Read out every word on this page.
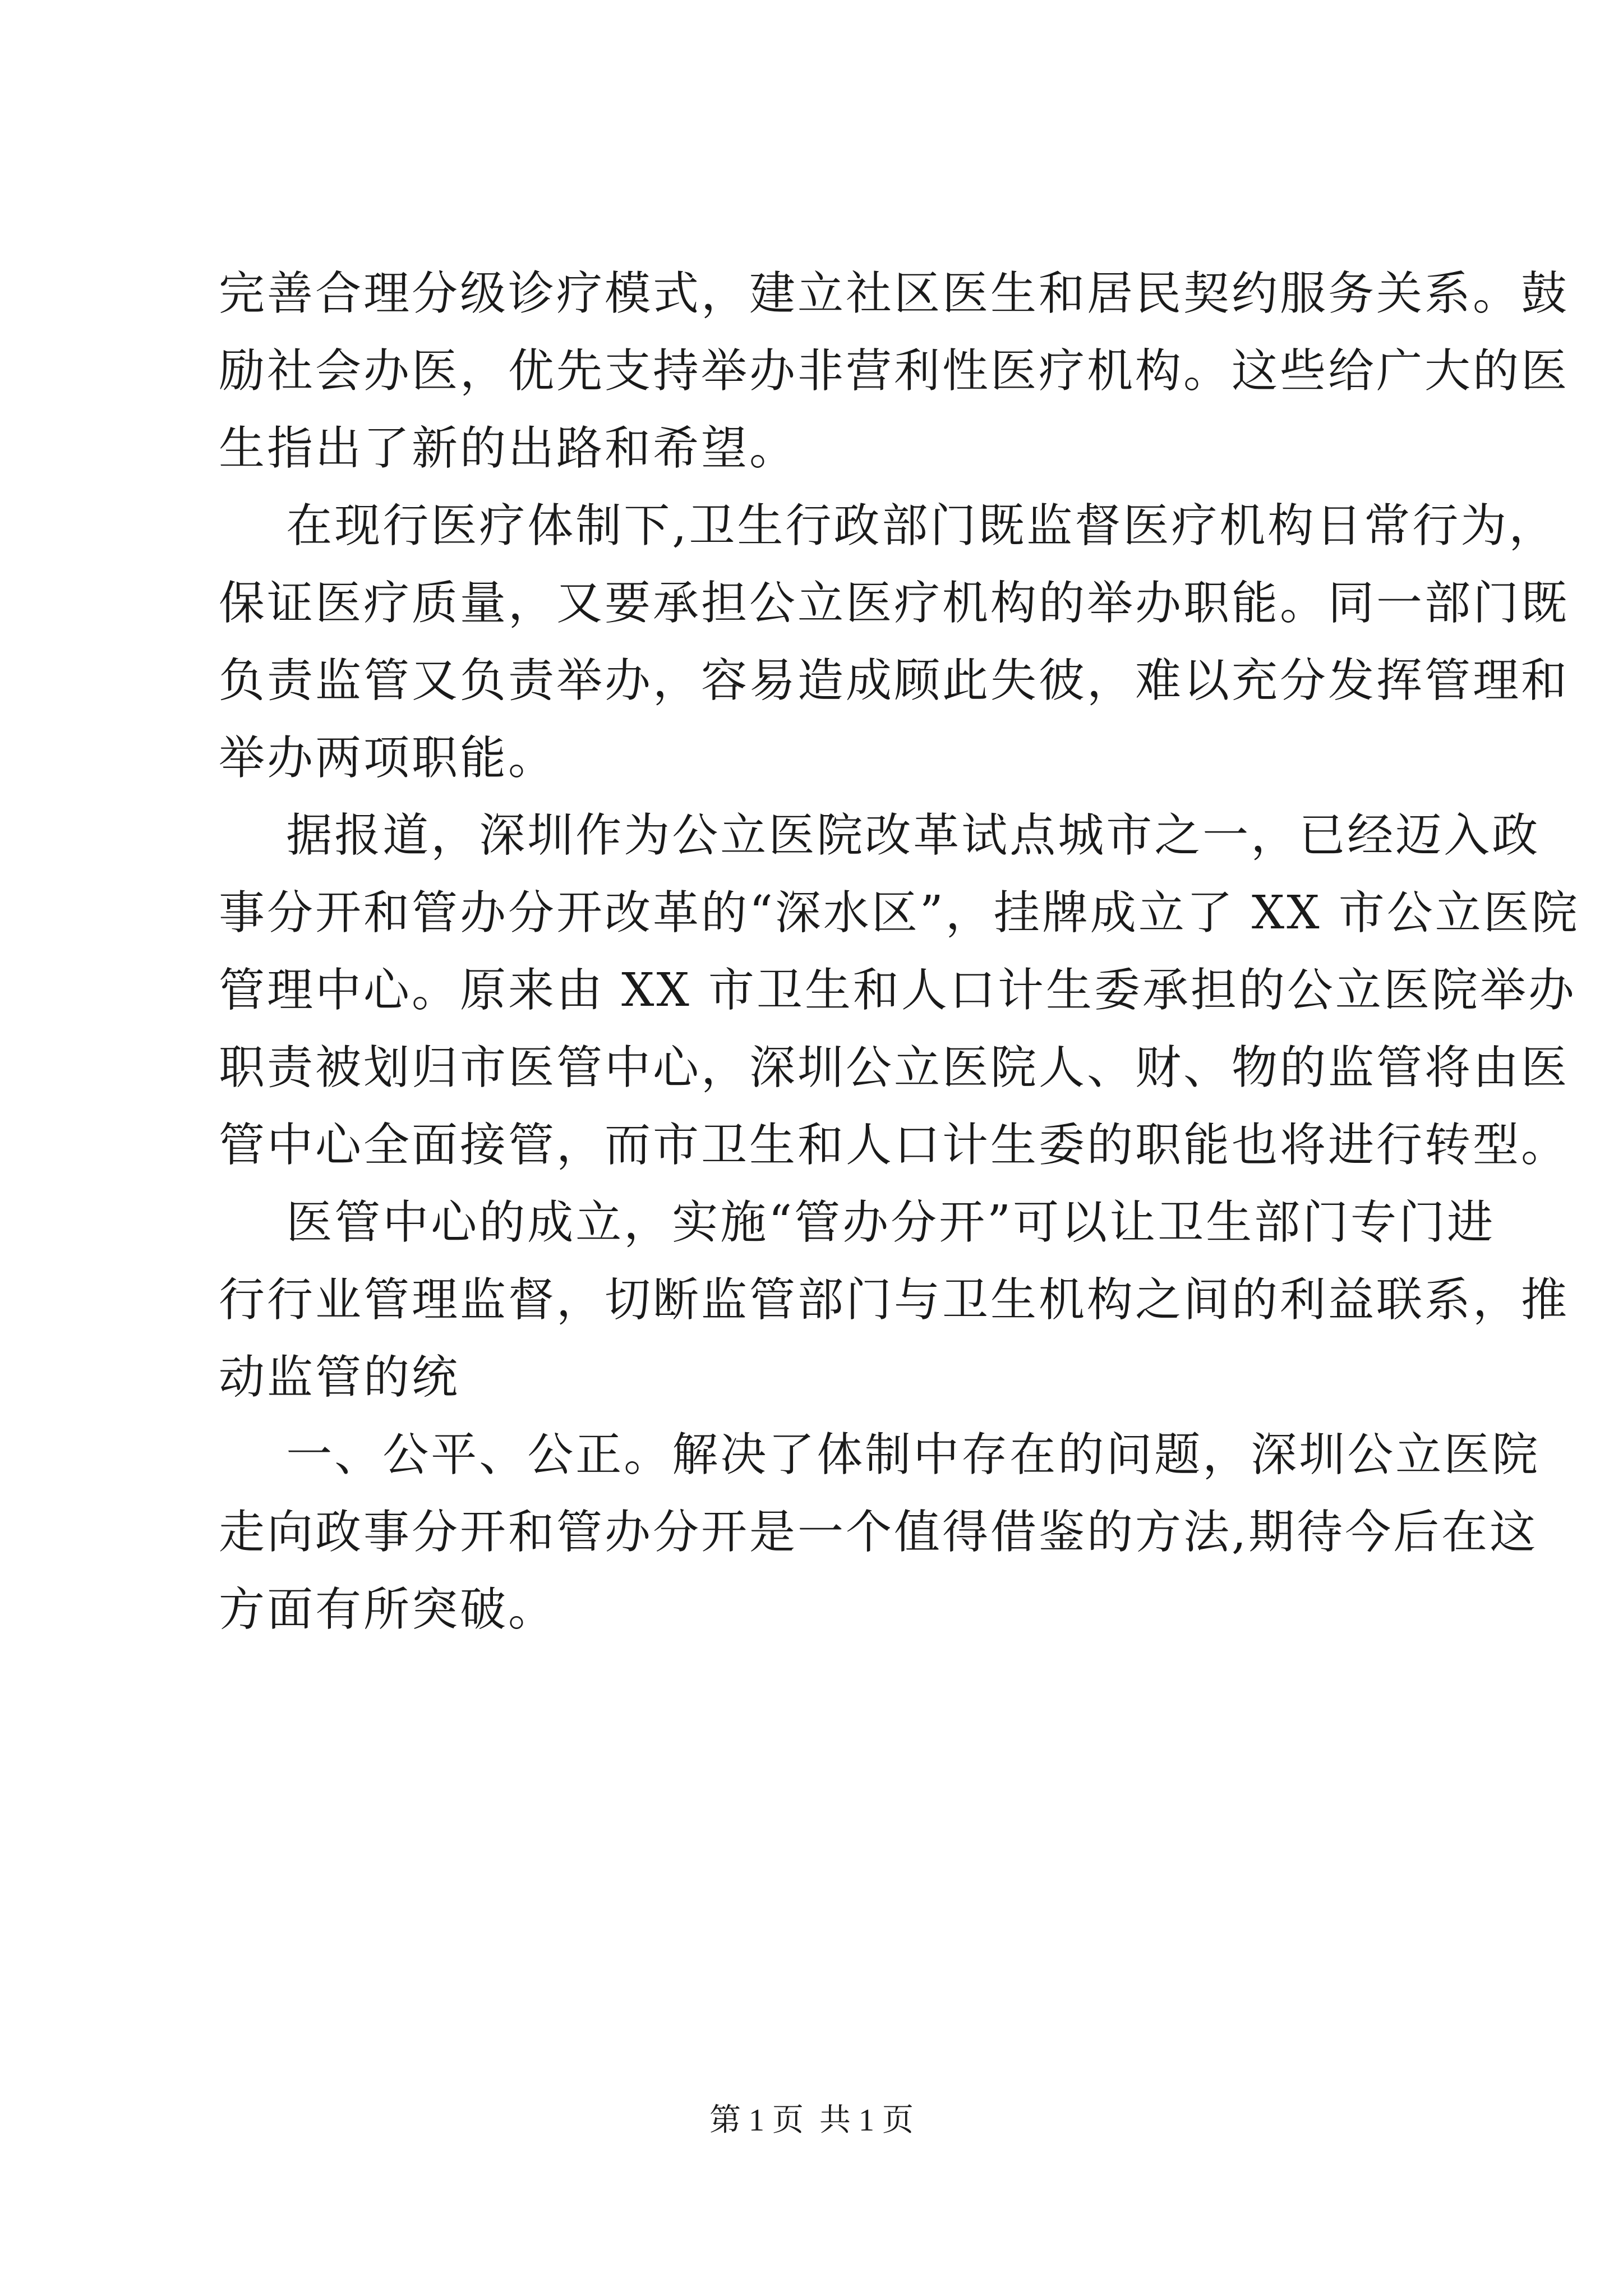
完善合理分级诊疗模式，建立社区医生和居民契约服务关系。鼓
励社会办医，优先支持举办非营利性医疗机构。这些给广大的医
生指出了新的出路和希望。
在现行医疗体制下,卫生行政部门既监督医疗机构日常行为，
保证医疗质量，又要承担公立医疗机构的举办职能。同一部门既
负责监管又负责举办，容易造成顾此失彼，难以充分发挥管理和
举办两项职能。
据报道，深圳作为公立医院改革试点城市之一，已经迈入政
事分开和管办分开改革的“深水区”，挂牌成立了 XX 市公立医院
管理中心。原来由 XX 市卫生和人口计生委承担的公立医院举办
职责被划归市医管中心，深圳公立医院人、财、物的监管将由医
管中心全面接管，而市卫生和人口计生委的职能也将进行转型。
医管中心的成立，实施“管办分开”可以让卫生部门专门进
行行业管理监督，切断监管部门与卫生机构之间的利益联系，推
动监管的统
一、公平、公正。解决了体制中存在的问题，深圳公立医院
走向政事分开和管办分开是一个值得借鉴的方法,期待今后在这
方面有所突破。
第 1 页  共 1 页
